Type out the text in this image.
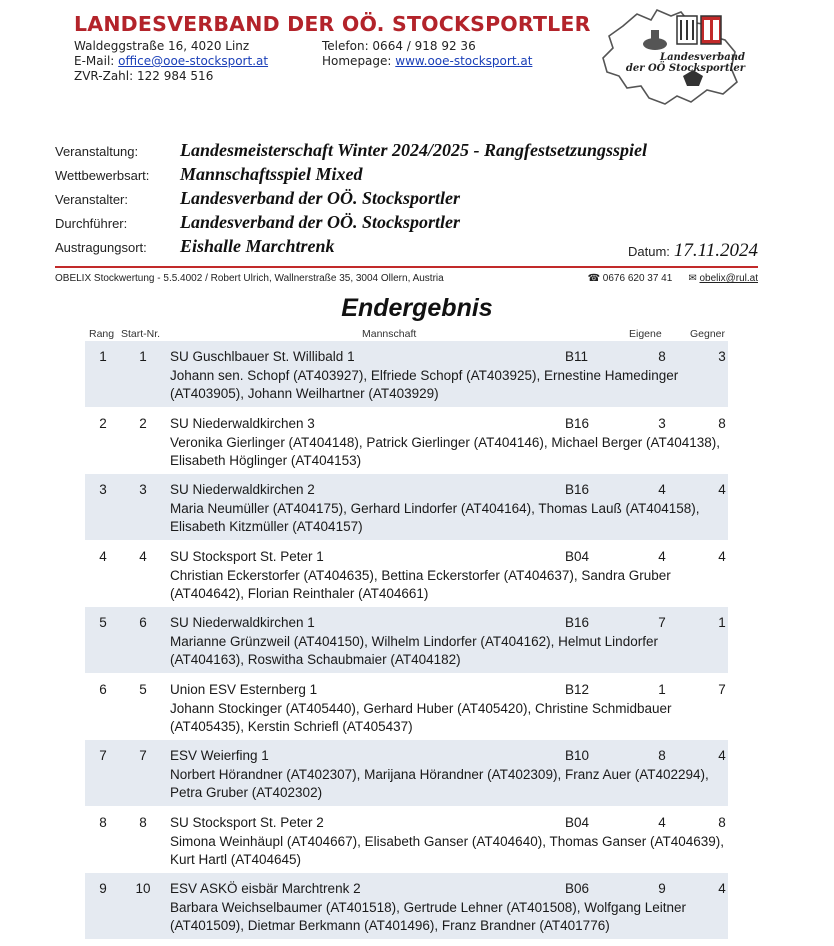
LANDESVERBAND DER OÖ. STOCKSPORTLER
Waldeggstraße 16, 4020 Linz	Telefon: 0664 / 918 92 36
E-Mail: office@ooe-stocksport.at	Homepage: www.ooe-stocksport.at
ZVR-Zahl: 122 984 516
Landesverband
der OÖ Stocksportler
Veranstaltung:	Landesmeisterschaft Winter 2024/2025 - Rangfestsetzungsspiel
Wettbewerbsart:	Mannschaftsspiel Mixed
Veranstalter:	Landesverband der OÖ. Stocksportler
Durchführer:	Landesverband der OÖ. Stocksportler
Austragungsort:	Eishalle Marchtrenk	Datum: 17.11.2024
OBELIX Stockwertung - 5.5.4002 / Robert Ulrich, Wallnerstraße 35, 3004 Ollern, Austria	☎ 0676 620 37 41 ✉ obelix@rul.at
Endergebnis
Rang Start-Nr.	Mannschaft	Eigene	Gegner
1	1	SU Guschlbauer St. Willibald 1	B11	8	3
Johann sen. Schopf (AT403927), Elfriede Schopf (AT403925), Ernestine Hamedinger (AT403905), Johann Weilhartner (AT403929)
2	2	SU Niederwaldkirchen 3	B16	3	8
Veronika Gierlinger (AT404148), Patrick Gierlinger (AT404146), Michael Berger (AT404138), Elisabeth Höglinger (AT404153)
3	3	SU Niederwaldkirchen 2	B16	4	4
Maria Neumüller (AT404175), Gerhard Lindorfer (AT404164), Thomas Lauß (AT404158), Elisabeth Kitzmüller (AT404157)
4	4	SU Stocksport St. Peter 1	B04	4	4
Christian Eckerstorfer (AT404635), Bettina Eckerstorfer (AT404637), Sandra Gruber (AT404642), Florian Reinthaler (AT404661)
5	6	SU Niederwaldkirchen 1	B16	7	1
Marianne Grünzweil (AT404150), Wilhelm Lindorfer (AT404162), Helmut Lindorfer (AT404163), Roswitha Schaubmaier (AT404182)
6	5	Union ESV Esternberg 1	B12	1	7
Johann Stockinger (AT405440), Gerhard Huber (AT405420), Christine Schmidbauer (AT405435), Kerstin Schriefl (AT405437)
7	7	ESV Weierfing 1	B10	8	4
Norbert Hörandner (AT402307), Marijana Hörandner (AT402309), Franz Auer (AT402294), Petra Gruber (AT402302)
8	8	SU Stocksport St. Peter 2	B04	4	8
Simona Weinhäupl (AT404667), Elisabeth Ganser (AT404640), Thomas Ganser (AT404639), Kurt Hartl (AT404645)
9	10 ESV ASKÖ eisbär Marchtrenk 2	B06	9	4
Barbara Weichselbaumer (AT401518), Gertrude Lehner (AT401508), Wolfgang Leitner (AT401509), Dietmar Berkmann (AT401496), Franz Brandner (AT401776)
